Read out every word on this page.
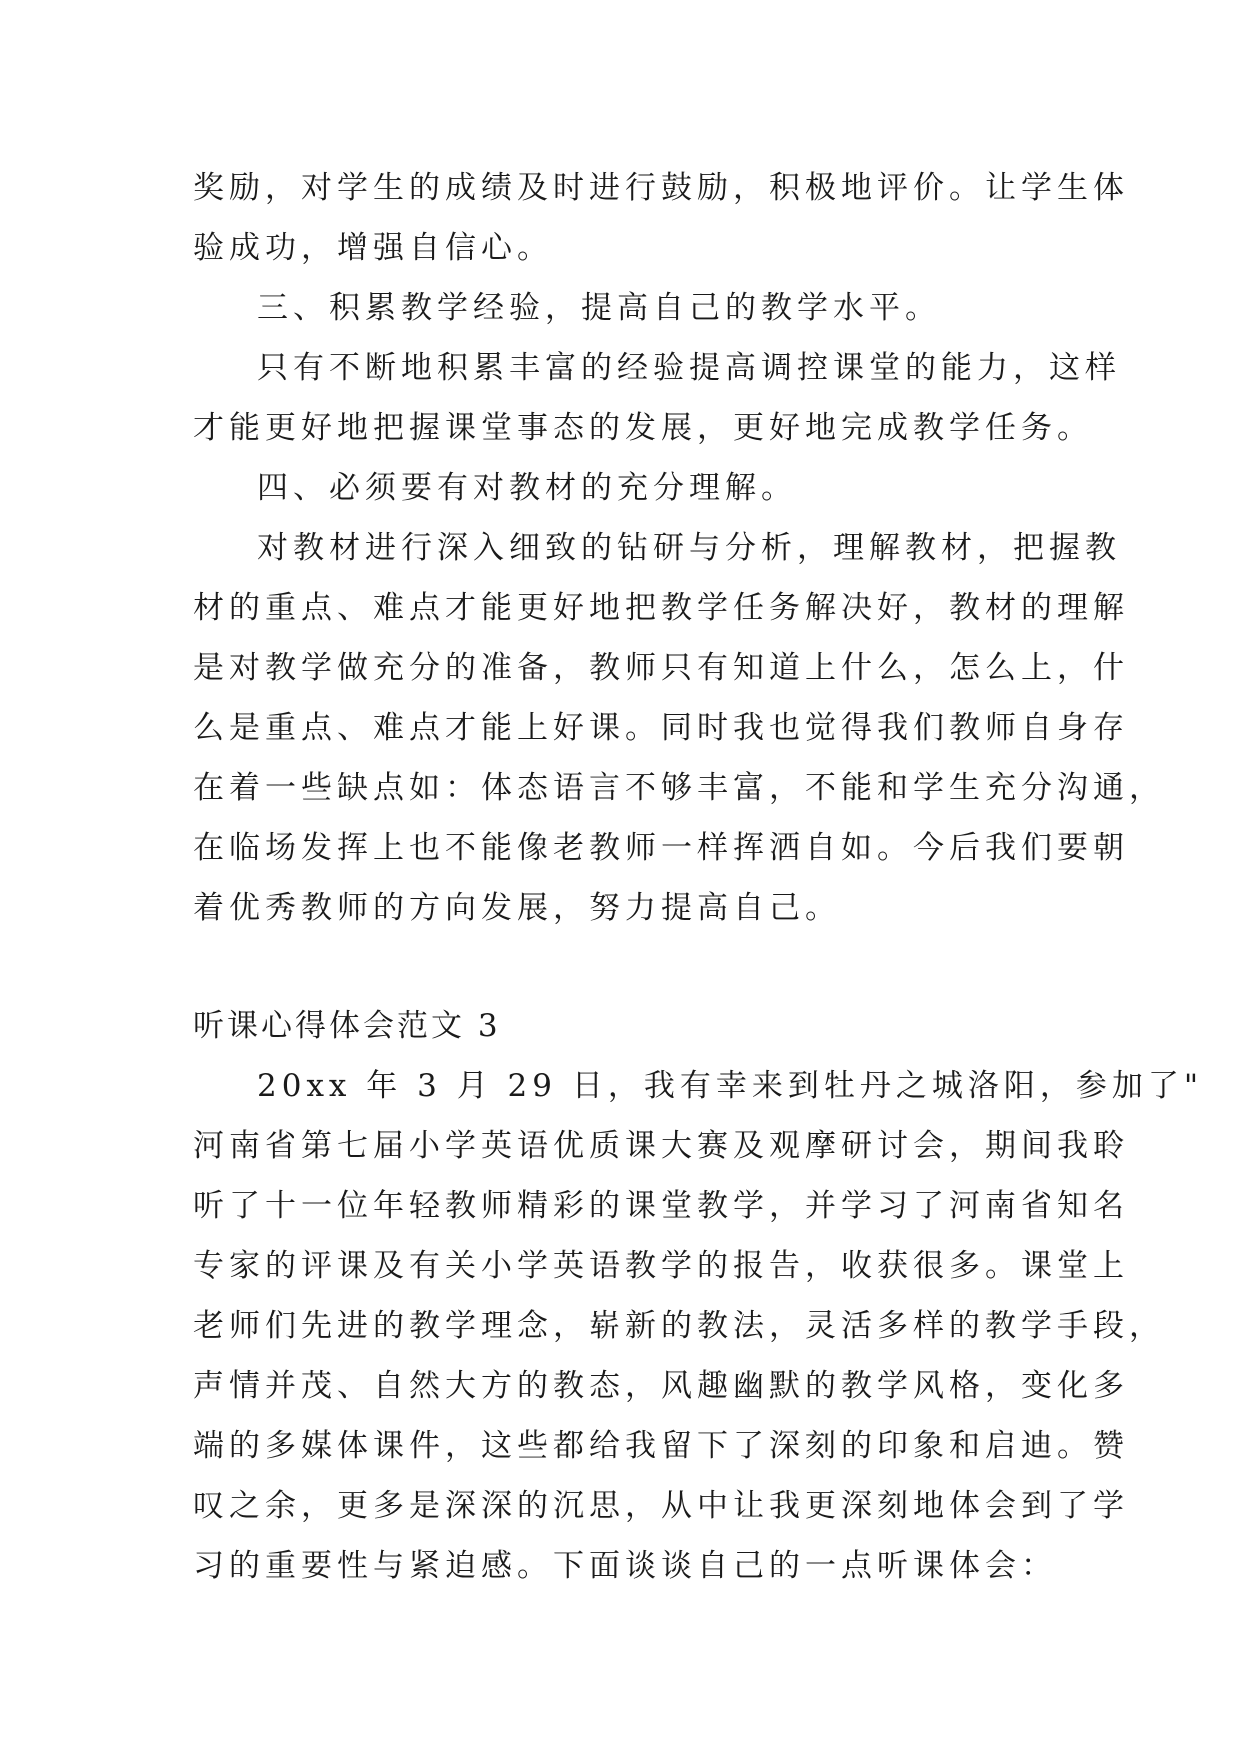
奖励，对学生的成绩及时进行鼓励，积极地评价。让学生体
验成功，增强自信心。
三、积累教学经验，提高自己的教学水平。
只有不断地积累丰富的经验提高调控课堂的能力，这样
才能更好地把握课堂事态的发展，更好地完成教学任务。
四、必须要有对教材的充分理解。
对教材进行深入细致的钻研与分析，理解教材，把握教
材的重点、难点才能更好地把教学任务解决好，教材的理解
是对教学做充分的准备，教师只有知道上什么，怎么上，什
么是重点、难点才能上好课。同时我也觉得我们教师自身存
在着一些缺点如：体态语言不够丰富，不能和学生充分沟通，
在临场发挥上也不能像老教师一样挥洒自如。今后我们要朝
着优秀教师的方向发展，努力提高自己。
听课心得体会范文 3
20xx 年 3 月 29 日，我有幸来到牡丹之城洛阳，参加了"
河南省第七届小学英语优质课大赛及观摩研讨会，期间我聆
听了十一位年轻教师精彩的课堂教学，并学习了河南省知名
专家的评课及有关小学英语教学的报告，收获很多。课堂上
老师们先进的教学理念，崭新的教法，灵活多样的教学手段，
声情并茂、自然大方的教态，风趣幽默的教学风格，变化多
端的多媒体课件，这些都给我留下了深刻的印象和启迪。赞
叹之余，更多是深深的沉思，从中让我更深刻地体会到了学
习的重要性与紧迫感。下面谈谈自己的一点听课体会：
